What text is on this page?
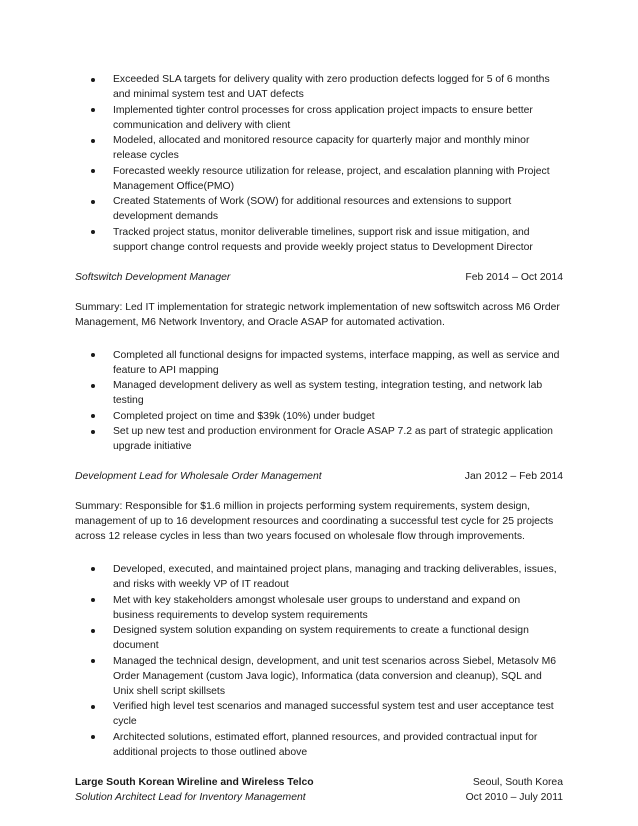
Exceeded SLA targets for delivery quality with zero production defects logged for 5 of 6 months and minimal system test and UAT defects
Implemented tighter control processes for cross application project impacts to ensure better communication and delivery with client
Modeled, allocated and monitored resource capacity for quarterly major and monthly minor release cycles
Forecasted weekly resource utilization for release, project, and escalation planning with Project Management Office(PMO)
Created Statements of Work (SOW) for additional resources and extensions to support development demands
Tracked project status, monitor deliverable timelines, support risk and issue mitigation, and support change control requests and provide weekly project status to Development Director
Softswitch Development Manager	Feb 2014 – Oct 2014

Summary: Led IT implementation for strategic network implementation of new softswitch across M6 Order Management, M6 Network Inventory, and Oracle ASAP for automated activation.

Completed all functional designs for impacted systems, interface mapping, as well as service and feature to API mapping
Managed development delivery as well as system testing, integration testing, and network lab testing
Completed project on time and $39k (10%) under budget
Set up new test and production environment for Oracle ASAP 7.2 as part of strategic application upgrade initiative
Development Lead for Wholesale Order Management	Jan 2012 – Feb 2014

Summary: Responsible for $1.6 million in projects performing system requirements, system design, management of up to 16 development resources and coordinating a successful test cycle for 25 projects across 12 release cycles in less than two years focused on wholesale flow through improvements.

Developed, executed, and maintained project plans, managing and tracking deliverables, issues, and risks with weekly VP of IT readout
Met with key stakeholders amongst wholesale user groups to understand and expand on business requirements to develop system requirements
Designed system solution expanding on system requirements to create a functional design document
Managed the technical design, development, and unit test scenarios across Siebel, Metasolv M6 Order Management (custom Java logic), Informatica (data conversion and cleanup), SQL and Unix shell script skillsets
Verified high level test scenarios and managed successful system test and user acceptance test cycle
Architected solutions, estimated effort, planned resources, and provided contractual input for additional projects to those outlined above
Large South Korean Wireline and Wireless Telco	Seoul, South Korea
Solution Architect Lead for Inventory Management	Oct 2010 – July 2011
